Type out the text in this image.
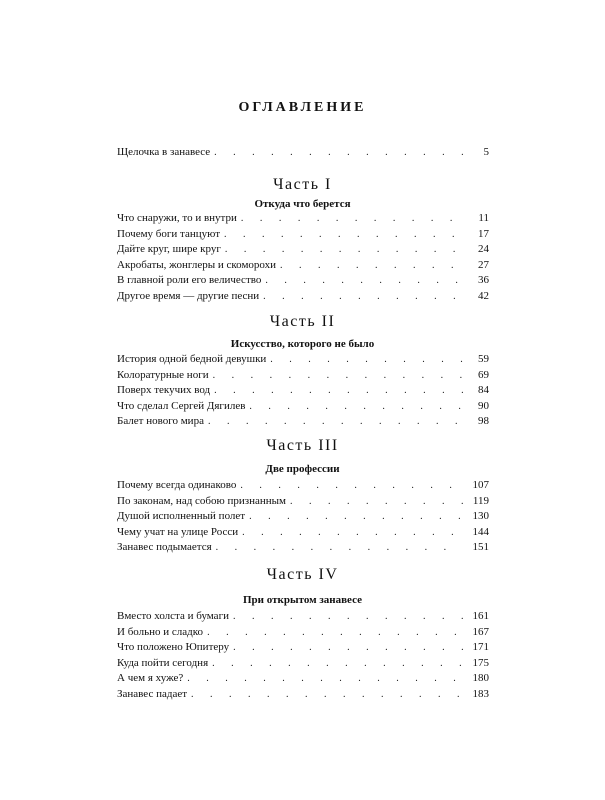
ОГЛАВЛЕНИЕ
Щелочка в занавесе . . .	5
Часть I
Откуда что берется
Что снаружи, то и внутри . . .	11
Почему боги танцуют . . .	17
Дайте круг, шире круг . . .	24
Акробаты, жонглеры и скоморохи . . .	27
В главной роли его величество . . .	36
Другое время — другие песни . . .	42
Часть II
Искусство, которого не было
История одной бедной девушки . . .	59
Колоратурные ноги . . .	69
Поверх текучих вод . . .	84
Что сделал Сергей Дягилев . . .	90
Балет нового мира . . .	98
Часть III
Две профессии
Почему всегда одинаково . . .	107
По законам, над собою признанным . . .	119
Душой исполненный полет . . .	130
Чему учат на улице Росси . . .	144
Занавес подымается . . .	151
Часть IV
При открытом занавесе
Вместо холста и бумаги . . .	161
И больно и сладко . . .	167
Что положено Юпитеру . . .	171
Куда пойти сегодня . . .	175
А чем я хуже? . . .	180
Занавес падает . . .	183
